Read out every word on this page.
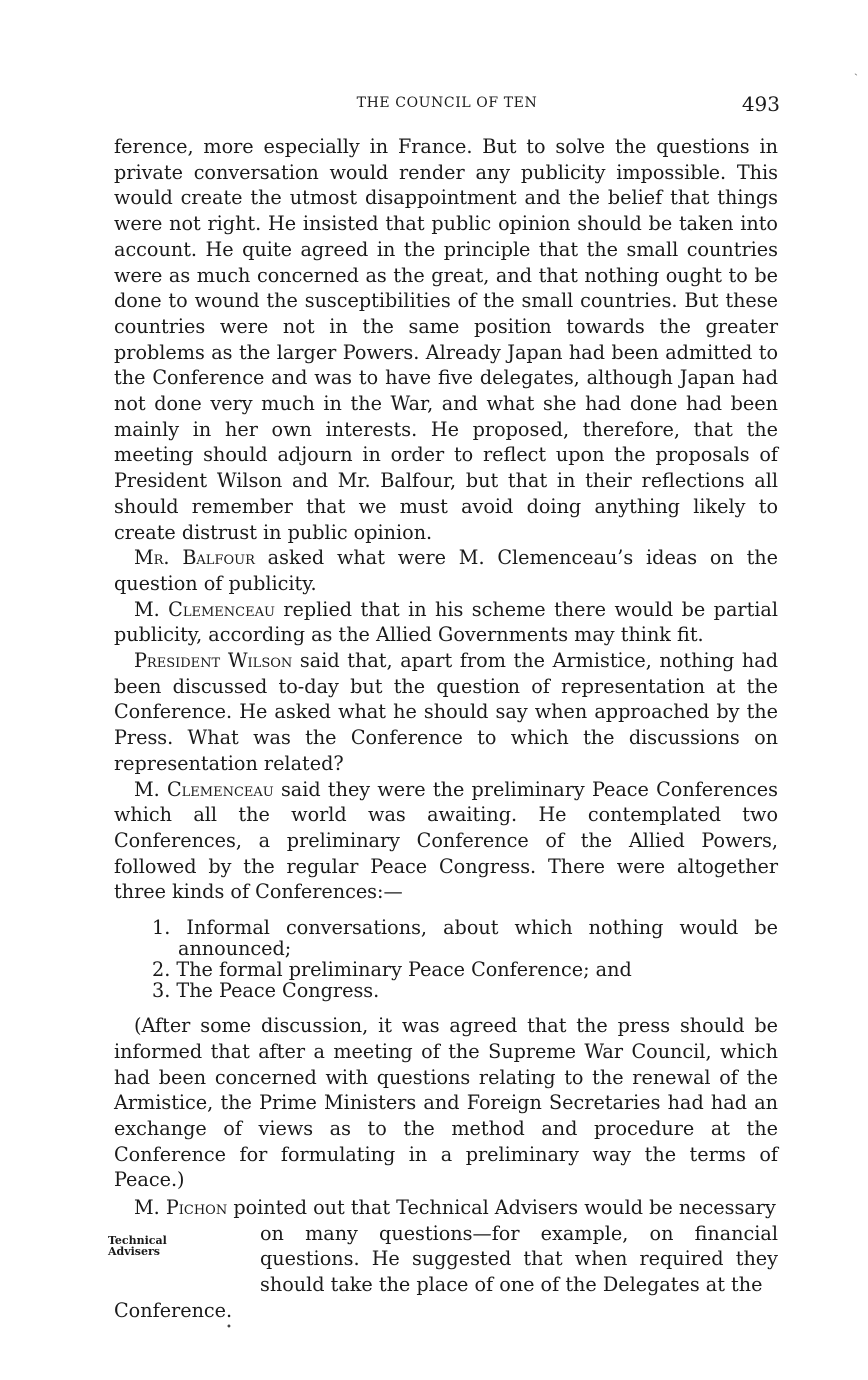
ˏ
THE COUNCIL OF TEN	493

ference, more especially in France. But to solve the questions in private conversation would render any publicity impossible. This would create the utmost disappointment and the belief that things were not right. He insisted that public opinion should be taken into account. He quite agreed in the principle that the small countries were as much concerned as the great, and that nothing ought to be done to wound the susceptibilities of the small countries. But these countries were not in the same position towards the greater problems as the larger Powers. Already Japan had been admitted to the Conference and was to have five delegates, although Japan had not done very much in the War, and what she had done had been mainly in her own interests. He proposed, therefore, that the meeting should adjourn in order to reflect upon the proposals of President Wilson and Mr. Balfour, but that in their reflections all should remember that we must avoid doing anything likely to create distrust in public opinion.

Mr. Balfour asked what were M. Clemenceau’s ideas on the question of publicity.

M. Clemenceau replied that in his scheme there would be partial publicity, according as the Allied Governments may think fit.

President Wilson said that, apart from the Armistice, nothing had been discussed to-day but the question of representation at the Conference. He asked what he should say when approached by the Press. What was the Conference to which the discussions on representation related?

M. Clemenceau said they were the preliminary Peace Conferences which all the world was awaiting. He contemplated two Conferences, a preliminary Conference of the Allied Powers, followed by the regular Peace Congress. There were altogether three kinds of Conferences:—

1. Informal conversations, about which nothing would be announced;
2. The formal preliminary Peace Conference; and
3. The Peace Congress.

(After some discussion, it was agreed that the press should be informed that after a meeting of the Supreme War Council, which had been concerned with questions relating to the renewal of the Armistice, the Prime Ministers and Foreign Secretaries had had an exchange of views as to the method and procedure at the Conference for formulating in a preliminary way the terms of Peace.)

M. Pichon pointed out that Technical Advisers would be necessary

Technical
Advisers

on many questions—for example, on financial questions. He suggested that when required they should take the place of one of the Delegates at the

Conference.

•
